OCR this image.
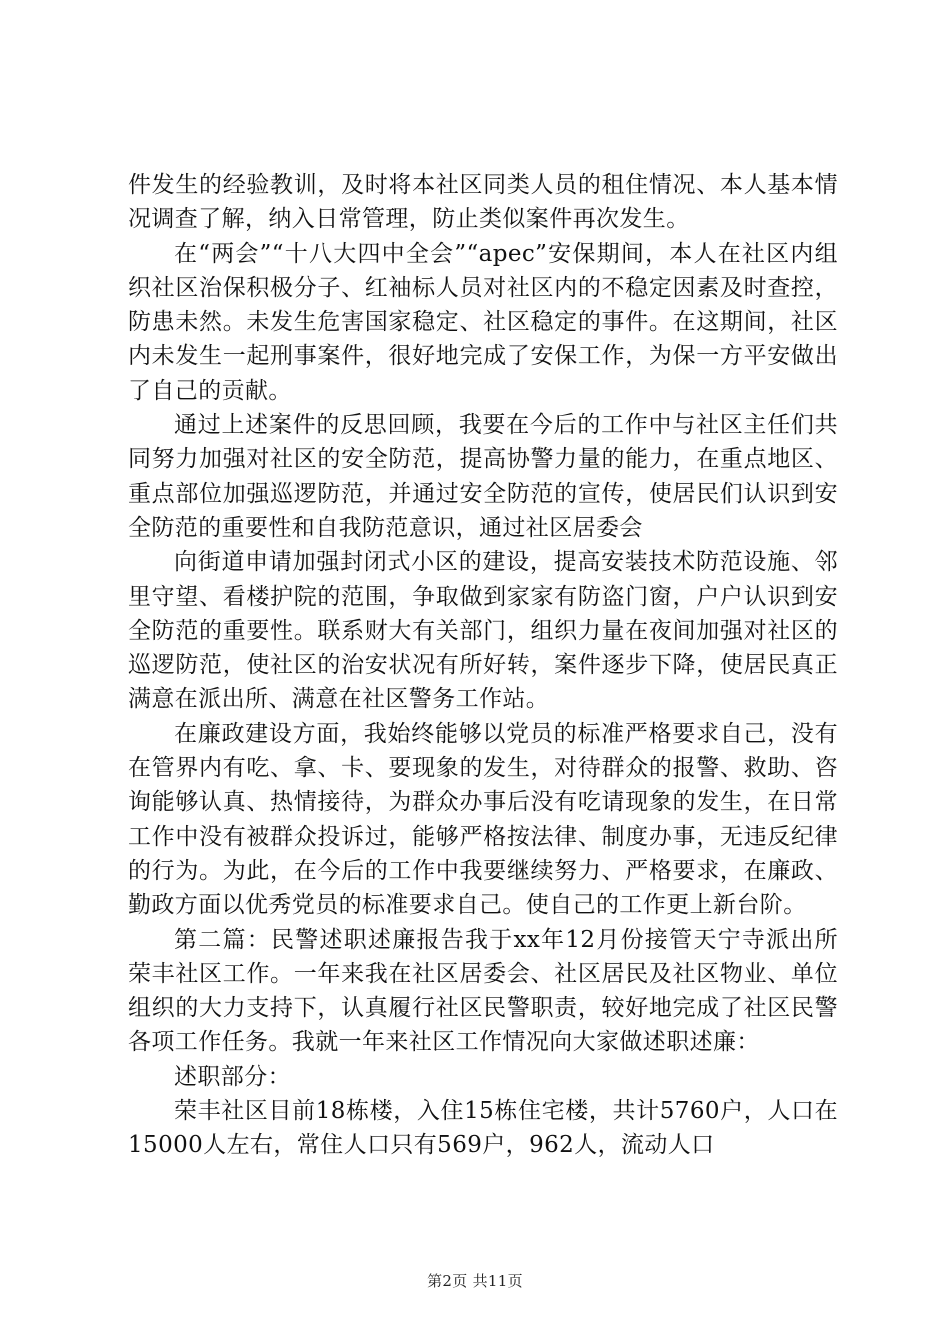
件发生的经验教训，及时将本社区同类人员的租住情况、本人基本情况调查了解，纳入日常管理，防止类似案件再次发生。

在“两会”“十八大四中全会”“apec”安保期间，本人在社区内组织社区治保积极分子、红袖标人员对社区内的不稳定因素及时查控，防患未然。未发生危害国家稳定、社区稳定的事件。在这期间，社区内未发生一起刑事案件，很好地完成了安保工作，为保一方平安做出了自己的贡献。

通过上述案件的反思回顾，我要在今后的工作中与社区主任们共同努力加强对社区的安全防范，提高协警力量的能力，在重点地区、重点部位加强巡逻防范，并通过安全防范的宣传，使居民们认识到安全防范的重要性和自我防范意识，通过社区居委会

向街道申请加强封闭式小区的建设，提高安装技术防范设施、邻里守望、看楼护院的范围，争取做到家家有防盗门窗，户户认识到安全防范的重要性。联系财大有关部门，组织力量在夜间加强对社区的巡逻防范，使社区的治安状况有所好转，案件逐步下降，使居民真正满意在派出所、满意在社区警务工作站。

在廉政建设方面，我始终能够以党员的标准严格要求自己，没有在管界内有吃、拿、卡、要现象的发生，对待群众的报警、救助、咨询能够认真、热情接待，为群众办事后没有吃请现象的发生，在日常工作中没有被群众投诉过，能够严格按法律、制度办事，无违反纪律的行为。为此，在今后的工作中我要继续努力、严格要求，在廉政、勤政方面以优秀党员的标准要求自己。使自己的工作更上新台阶。

第二篇：民警述职述廉报告我于xx年12月份接管天宁寺派出所荣丰社区工作。一年来我在社区居委会、社区居民及社区物业、单位组织的大力支持下，认真履行社区民警职责，较好地完成了社区民警各项工作任务。我就一年来社区工作情况向大家做述职述廉：

述职部分：

荣丰社区目前18栋楼，入住15栋住宅楼，共计5760户，人口在15000人左右，常住人口只有569户，962人，流动人口

第2页 共11页
